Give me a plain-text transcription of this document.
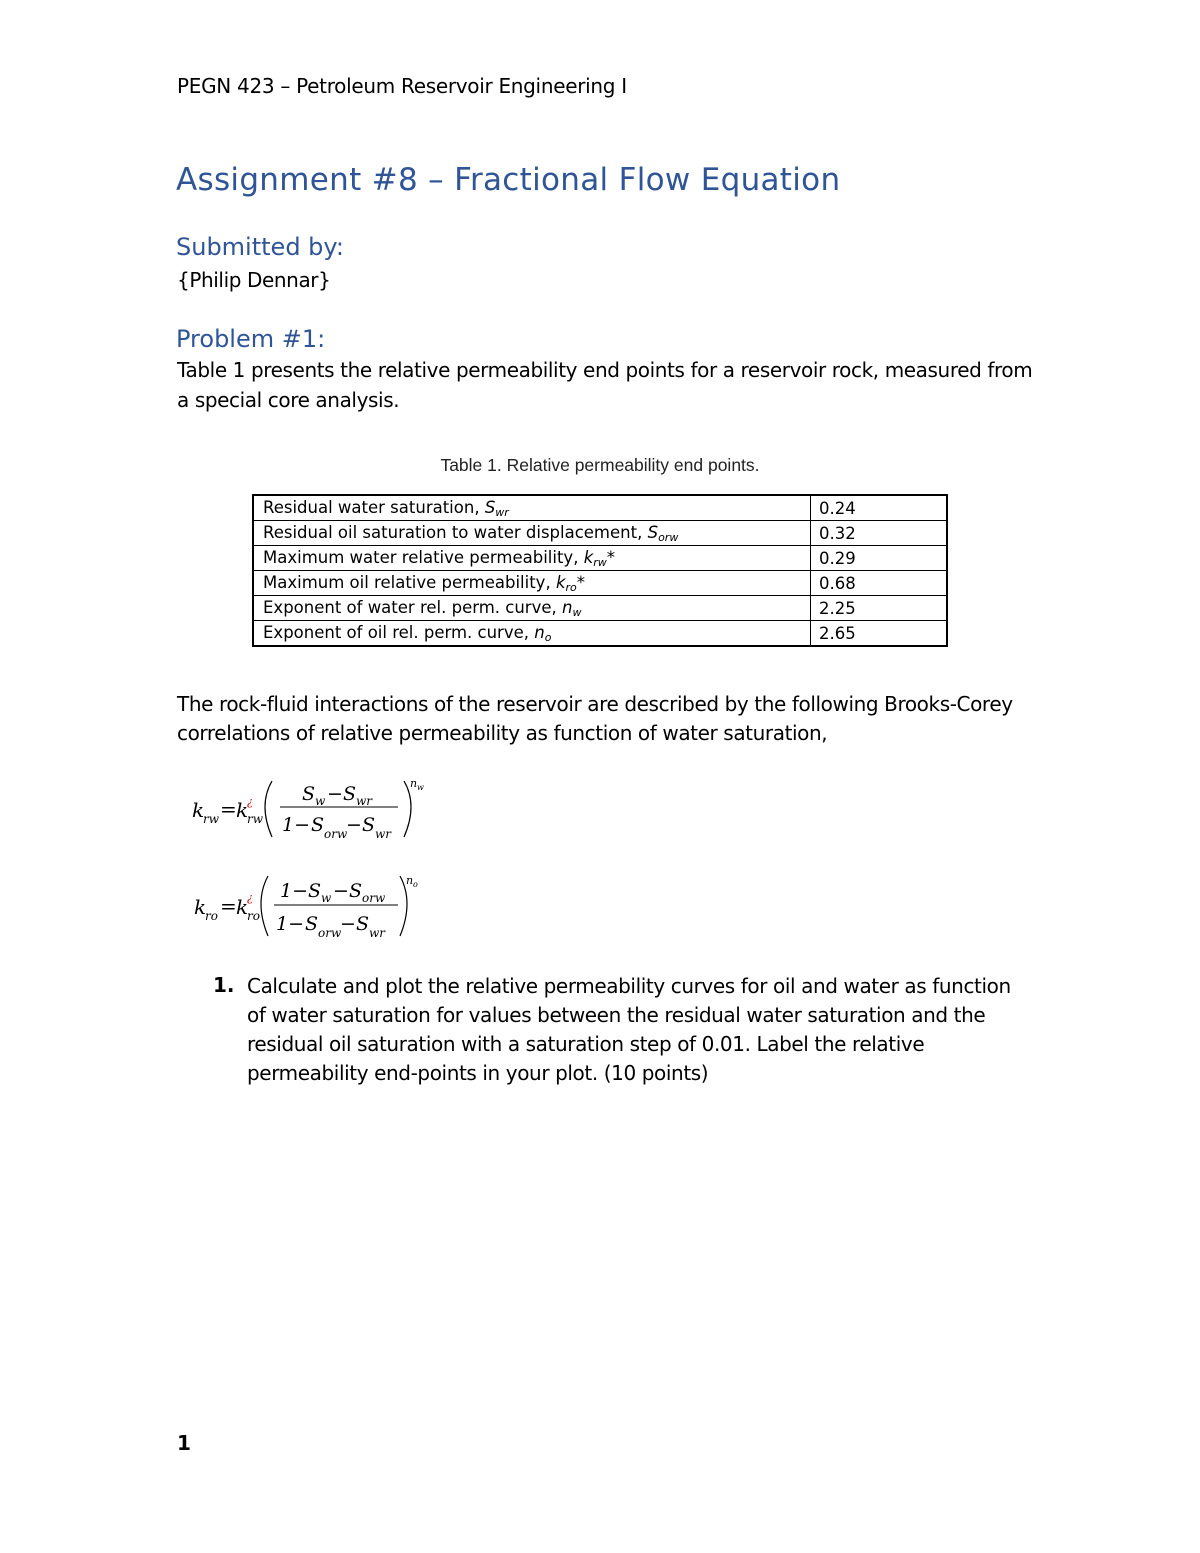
PEGN 423 – Petroleum Reservoir Engineering I
Assignment #8 – Fractional Flow Equation
Submitted by:
{Philip Dennar}
Problem #1:
Table 1 presents the relative permeability end points for a reservoir rock, measured from
a special core analysis.
Table 1. Relative permeability end points.
Residual water saturation, $S_{wr}$	0.24
Residual oil saturation to water displacement, $S_{orw}$	0.32
Maximum water relative permeability, $k_{rw}*$	0.29
Maximum oil relative permeability, $k_{ro}*$	0.68
Exponent of water rel. perm. curve, $n_w$	2.25
Exponent of oil rel. perm. curve, $n_o$	2.65
The rock-fluid interactions of the reservoir are described by the following Brooks-Corey
correlations of relative permeability as function of water saturation,
k
rw = k
¿
rw
S w − S wr
1− S orw
− S wr
n w
k
ro = k
¿
ro
1− S w − S orw
1− S orw
− S wr
n o
1. Calculate and plot the relative permeability curves for oil and water as function
of water saturation for values between the residual water saturation and the
residual oil saturation with a saturation step of 0.01. Label the relative
permeability end-points in your plot. (10 points)
1
